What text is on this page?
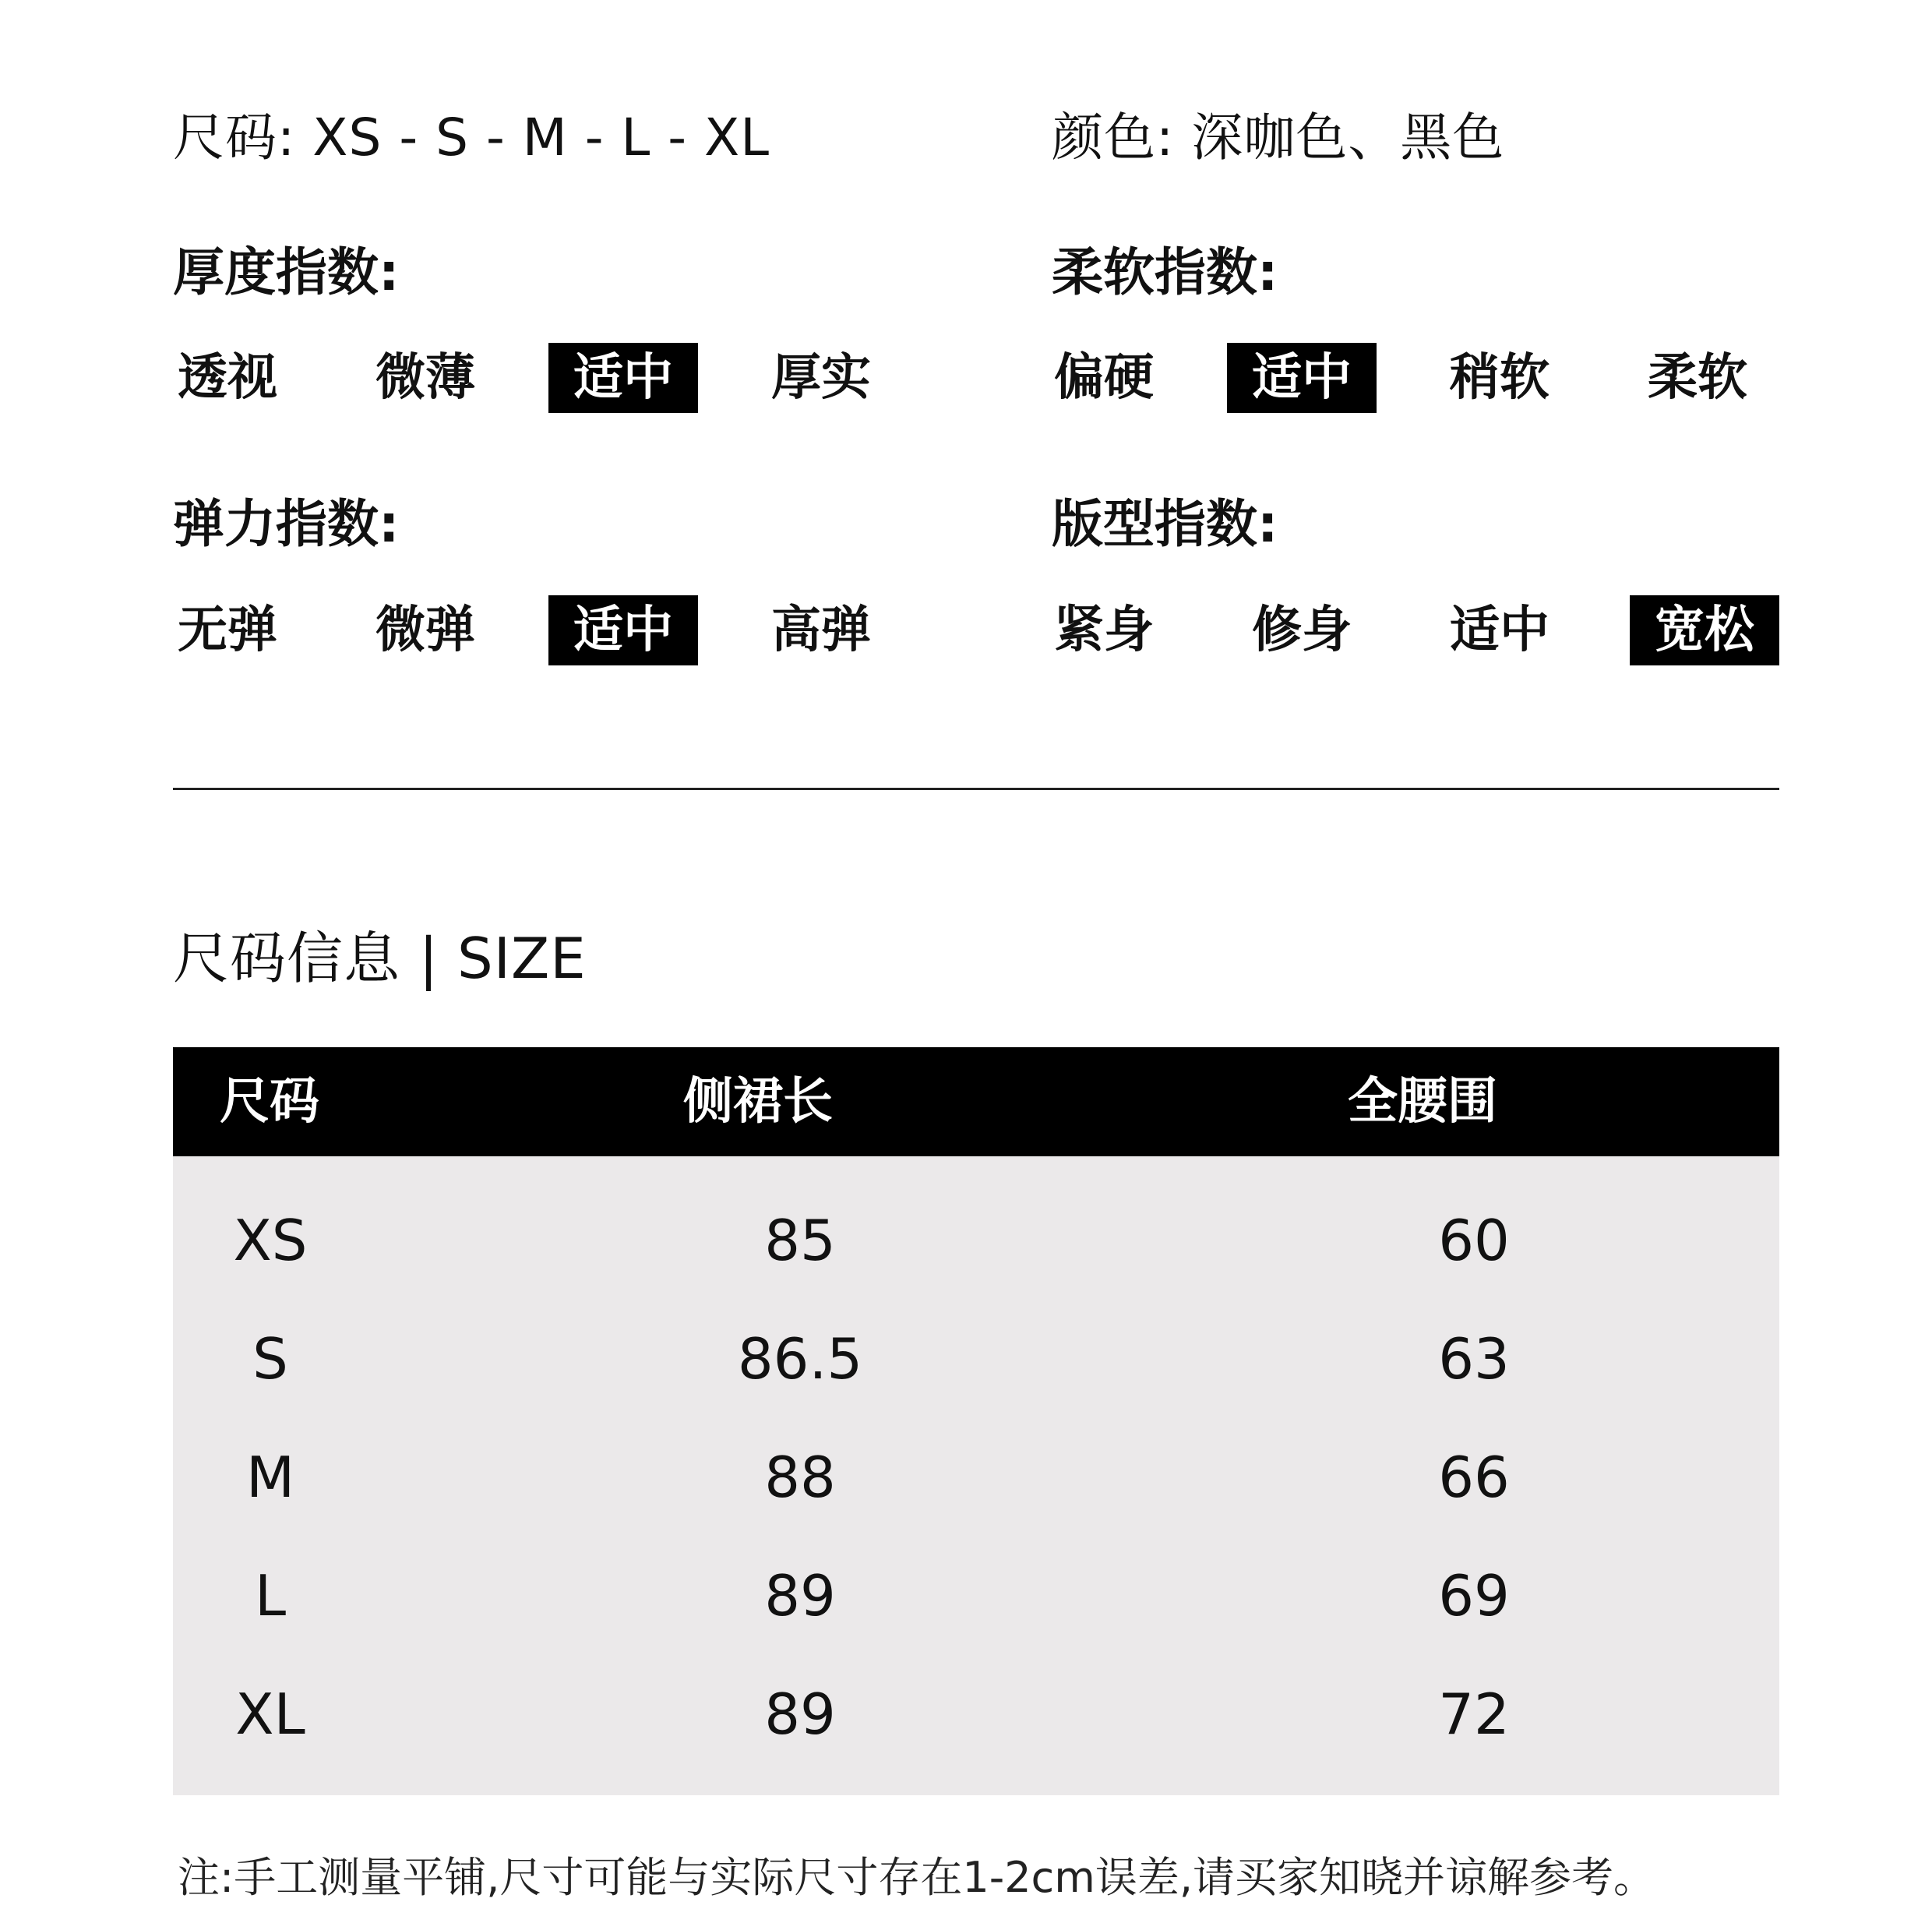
尺码: XS - S - M - L - XL	颜色: 深咖色、黑色
厚度指数:
透视	微薄	适中	厚实
柔软指数:
偏硬	适中	稍软	柔软
弹力指数:
无弹	微弹	适中	高弹
版型指数:
紧身	修身	适中	宽松
尺码信息 | SIZE
尺码	侧裙长	全腰围
XS	85	60
S	86.5	63
M	88	66
L	89	69
XL	89	72
注:手工测量平铺,尺寸可能与实际尺寸存在1-2cm误差,请买家知晓并谅解参考。
